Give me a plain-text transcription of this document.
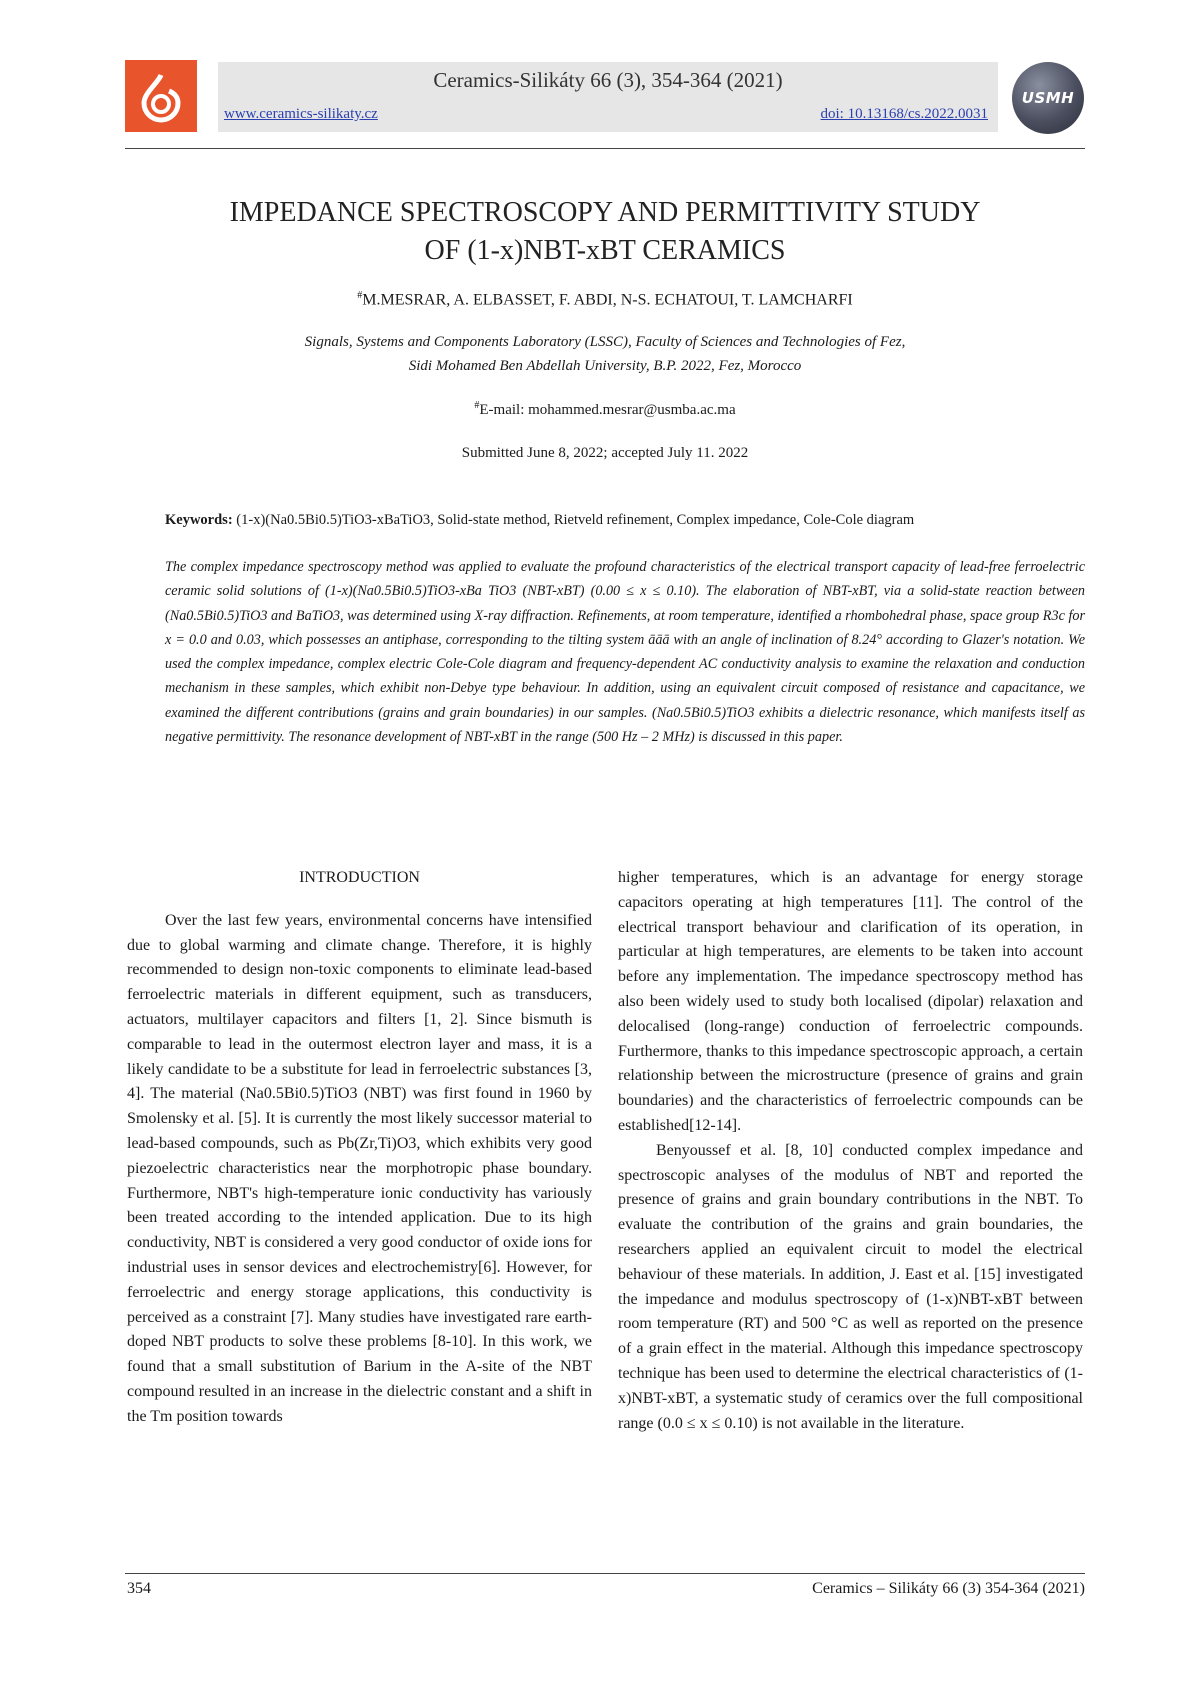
Ceramics-Silikáty 66 (3), 354-364 (2021)
www.ceramics-silikaty.cz	doi: 10.13168/cs.2022.0031
USMH
IMPEDANCE SPECTROSCOPY AND PERMITTIVITY STUDY
OF (1-x)NBT-xBT CERAMICS
#M.MESRAR, A. ELBASSET, F. ABDI, N-S. ECHATOUI, T. LAMCHARFI
Signals, Systems and Components Laboratory (LSSC), Faculty of Sciences and Technologies of Fez,
Sidi Mohamed Ben Abdellah University, B.P. 2022, Fez, Morocco
#E-mail: mohammed.mesrar@usmba.ac.ma
Submitted June 8, 2022; accepted July 11. 2022
Keywords: (1-x)(Na0.5Bi0.5)TiO3-xBaTiO3, Solid-state method, Rietveld refinement, Complex impedance, Cole-Cole diagram
The complex impedance spectroscopy method was applied to evaluate the profound characteristics of the electrical transport capacity of lead-free ferroelectric ceramic solid solutions of (1-x)(Na0.5Bi0.5)TiO3-xBa TiO3 (NBT-xBT) (0.00 ≤ x ≤ 0.10). The elaboration of NBT-xBT, via a solid-state reaction between (Na0.5Bi0.5)TiO3 and BaTiO3, was determined using X-ray diffraction. Refinements, at room temperature, identified a rhombohedral phase, space group R3c for x = 0.0 and 0.03, which possesses an antiphase, corresponding to the tilting system āāā with an angle of inclination of 8.24° according to Glazer's notation. We used the complex impedance, complex electric Cole-Cole diagram and frequency-dependent AC conductivity analysis to examine the relaxation and conduction mechanism in these samples, which exhibit non-Debye type behaviour. In addition, using an equivalent circuit composed of resistance and capacitance, we examined the different contributions (grains and grain boundaries) in our samples. (Na0.5Bi0.5)TiO3 exhibits a dielectric resonance, which manifests itself as negative permittivity. The resonance development of NBT-xBT in the range (500 Hz – 2 MHz) is discussed in this paper.

INTRODUCTION

Over the last few years, environmental concerns have intensified due to global warming and climate change. Therefore, it is highly recommended to design non-toxic components to eliminate lead-based ferroelectric materials in different equipment, such as transducers, actuators, multilayer capacitors and filters [1, 2]. Since bismuth is comparable to lead in the outermost electron layer and mass, it is a likely candidate to be a substitute for lead in ferroelectric substances [3, 4]. The material (Na0.5Bi0.5)TiO3 (NBT) was first found in 1960 by Smolensky et al. [5]. It is currently the most likely successor material to lead-based compounds, such as Pb(Zr,Ti)O3, which exhibits very good piezoelectric characteristics near the morphotropic phase boundary. Furthermore, NBT's high-temperature ionic conductivity has variously been treated according to the intended application. Due to its high conductivity, NBT is considered a very good conductor of oxide ions for industrial uses in sensor devices and electrochemistry[6]. However, for ferroelectric and energy storage applications, this conductivity is perceived as a constraint [7]. Many studies have investigated rare earth-doped NBT products to solve these problems [8-10]. In this work, we found that a small substitution of Barium in the A-site of the NBT compound resulted in an increase in the dielectric constant and a shift in the Tm position towards

higher temperatures, which is an advantage for energy storage capacitors operating at high temperatures [11]. The control of the electrical transport behaviour and clarification of its operation, in particular at high temperatures, are elements to be taken into account before any implementation. The impedance spectroscopy method has also been widely used to study both localised (dipolar) relaxation and delocalised (long-range) conduction of ferroelectric compounds. Furthermore, thanks to this impedance spectroscopic approach, a certain relationship between the microstructure (presence of grains and grain boundaries) and the characteristics of ferroelectric compounds can be established[12-14].

Benyoussef et al. [8, 10] conducted complex impedance and spectroscopic analyses of the modulus of NBT and reported the presence of grains and grain boundary contributions in the NBT. To evaluate the contribution of the grains and grain boundaries, the researchers applied an equivalent circuit to model the electrical behaviour of these materials. In addition, J. East et al. [15] investigated the impedance and modulus spectroscopy of (1-x)NBT-xBT between room temperature (RT) and 500 °C as well as reported on the presence of a grain effect in the material. Although this impedance spectroscopy technique has been used to determine the electrical characteristics of (1-x)NBT-xBT, a systematic study of ceramics over the full compositional range (0.0 ≤ x ≤ 0.10) is not available in the literature.

354	Ceramics – Silikáty 66 (3) 354-364 (2021)
